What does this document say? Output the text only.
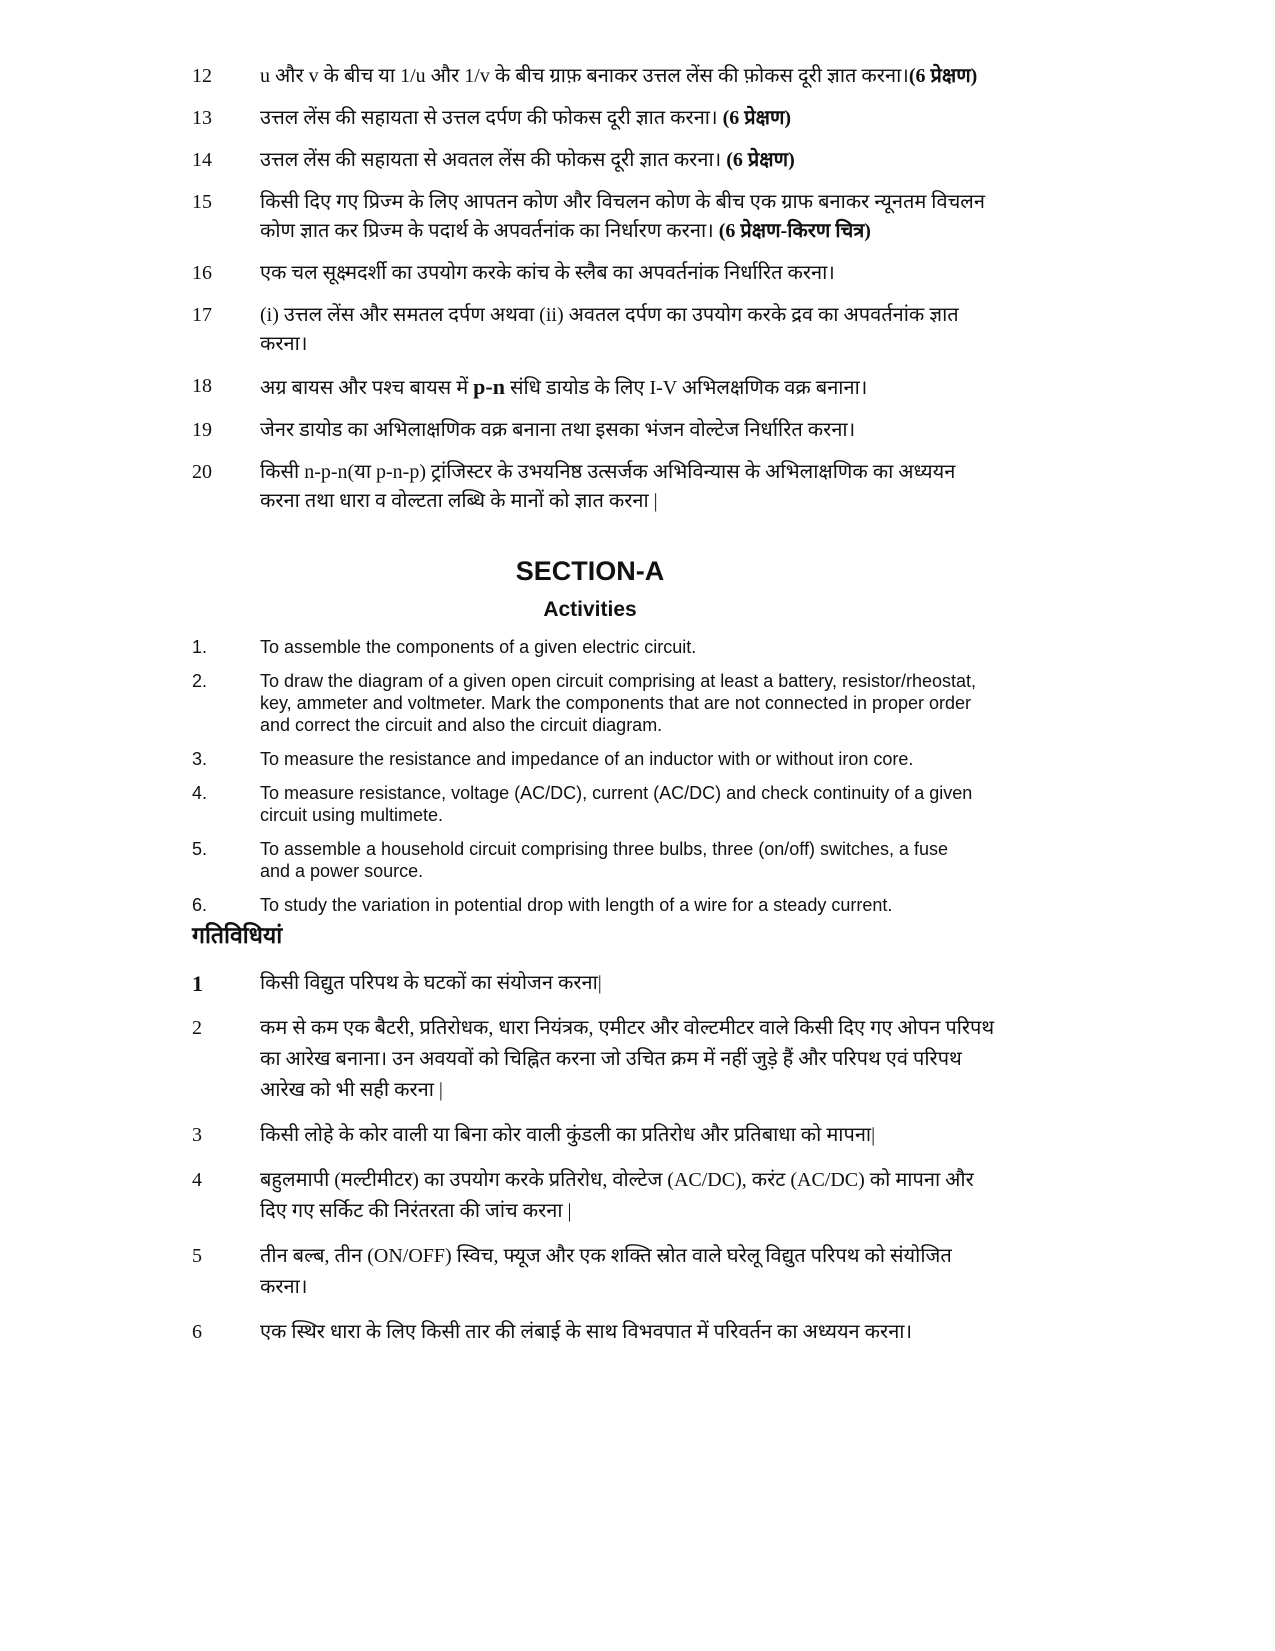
12	u और v के बीच या 1/u और 1/v के बीच ग्राफ़ बनाकर उत्तल लेंस की फ़ोकस दूरी ज्ञात करना।(6 प्रेक्षण)
13	उत्तल लेंस की सहायता से उत्तल दर्पण की फोकस दूरी ज्ञात करना। (6 प्रेक्षण)
14	उत्तल लेंस की सहायता से अवतल लेंस की फोकस दूरी ज्ञात करना। (6 प्रेक्षण)
15	किसी दिए गए प्रिज्म के लिए आपतन कोण और विचलन कोण के बीच एक ग्राफ बनाकर न्यूनतम विचलन कोण ज्ञात कर प्रिज्म के पदार्थ के अपवर्तनांक का निर्धारण करना। (6 प्रेक्षण-किरण चित्र)
16	एक चल सूक्ष्मदर्शी का उपयोग करके कांच के स्लैब का अपवर्तनांक निर्धारित करना।
17	(i) उत्तल लेंस और समतल दर्पण अथवा (ii) अवतल दर्पण का उपयोग करके द्रव का अपवर्तनांक ज्ञात करना।
18	अग्र बायस और पश्च बायस में p-n संधि डायोड के लिए I-V अभिलक्षणिक वक्र बनाना।
19	जेनर डायोड का अभिलाक्षणिक वक्र बनाना तथा इसका भंजन वोल्टेज निर्धारित करना।
20	किसी n-p-n(या p-n-p) ट्रांजिस्टर के उभयनिष्ठ उत्सर्जक अभिविन्यास के अभिलाक्षणिक का अध्ययन करना तथा धारा व वोल्टता लब्धि के मानों को ज्ञात करना |
SECTION-A
Activities
1.	To assemble the components of a given electric circuit.
2.	To draw the diagram of a given open circuit comprising at least a battery, resistor/rheostat, key, ammeter and voltmeter. Mark the components that are not connected in proper order and correct the circuit and also the circuit diagram.
3.	To measure the resistance and impedance of an inductor with or without iron core.
4.	To measure resistance, voltage (AC/DC), current (AC/DC) and check continuity of a given circuit using multimete.
5.	To assemble a household circuit comprising three bulbs, three (on/off) switches, a fuse and a power source.
6.	To study the variation in potential drop with length of a wire for a steady current.
गतिविधियां
1	किसी विद्युत परिपथ के घटकों का संयोजन करना|
2	कम से कम एक बैटरी, प्रतिरोधक, धारा नियंत्रक, एमीटर और वोल्टमीटर वाले किसी दिए गए ओपन परिपथ का आरेख बनाना। उन अवयवों को चिह्नित करना जो उचित क्रम में नहीं जुड़े हैं और परिपथ एवं परिपथ आरेख को भी सही करना |
3	किसी लोहे के कोर वाली या बिना कोर वाली कुंडली का प्रतिरोध और प्रतिबाधा को मापना|
4	बहुलमापी (मल्टीमीटर) का उपयोग करके प्रतिरोध, वोल्टेज (AC/DC), करंट (AC/DC) को मापना और दिए गए सर्किट की निरंतरता की जांच करना |
5	तीन बल्ब, तीन (ON/OFF) स्विच, फ्यूज और एक शक्ति स्रोत वाले घरेलू विद्युत परिपथ को संयोजित करना।
6	एक स्थिर धारा के लिए किसी तार की लंबाई के साथ विभवपात में परिवर्तन का अध्ययन करना।
